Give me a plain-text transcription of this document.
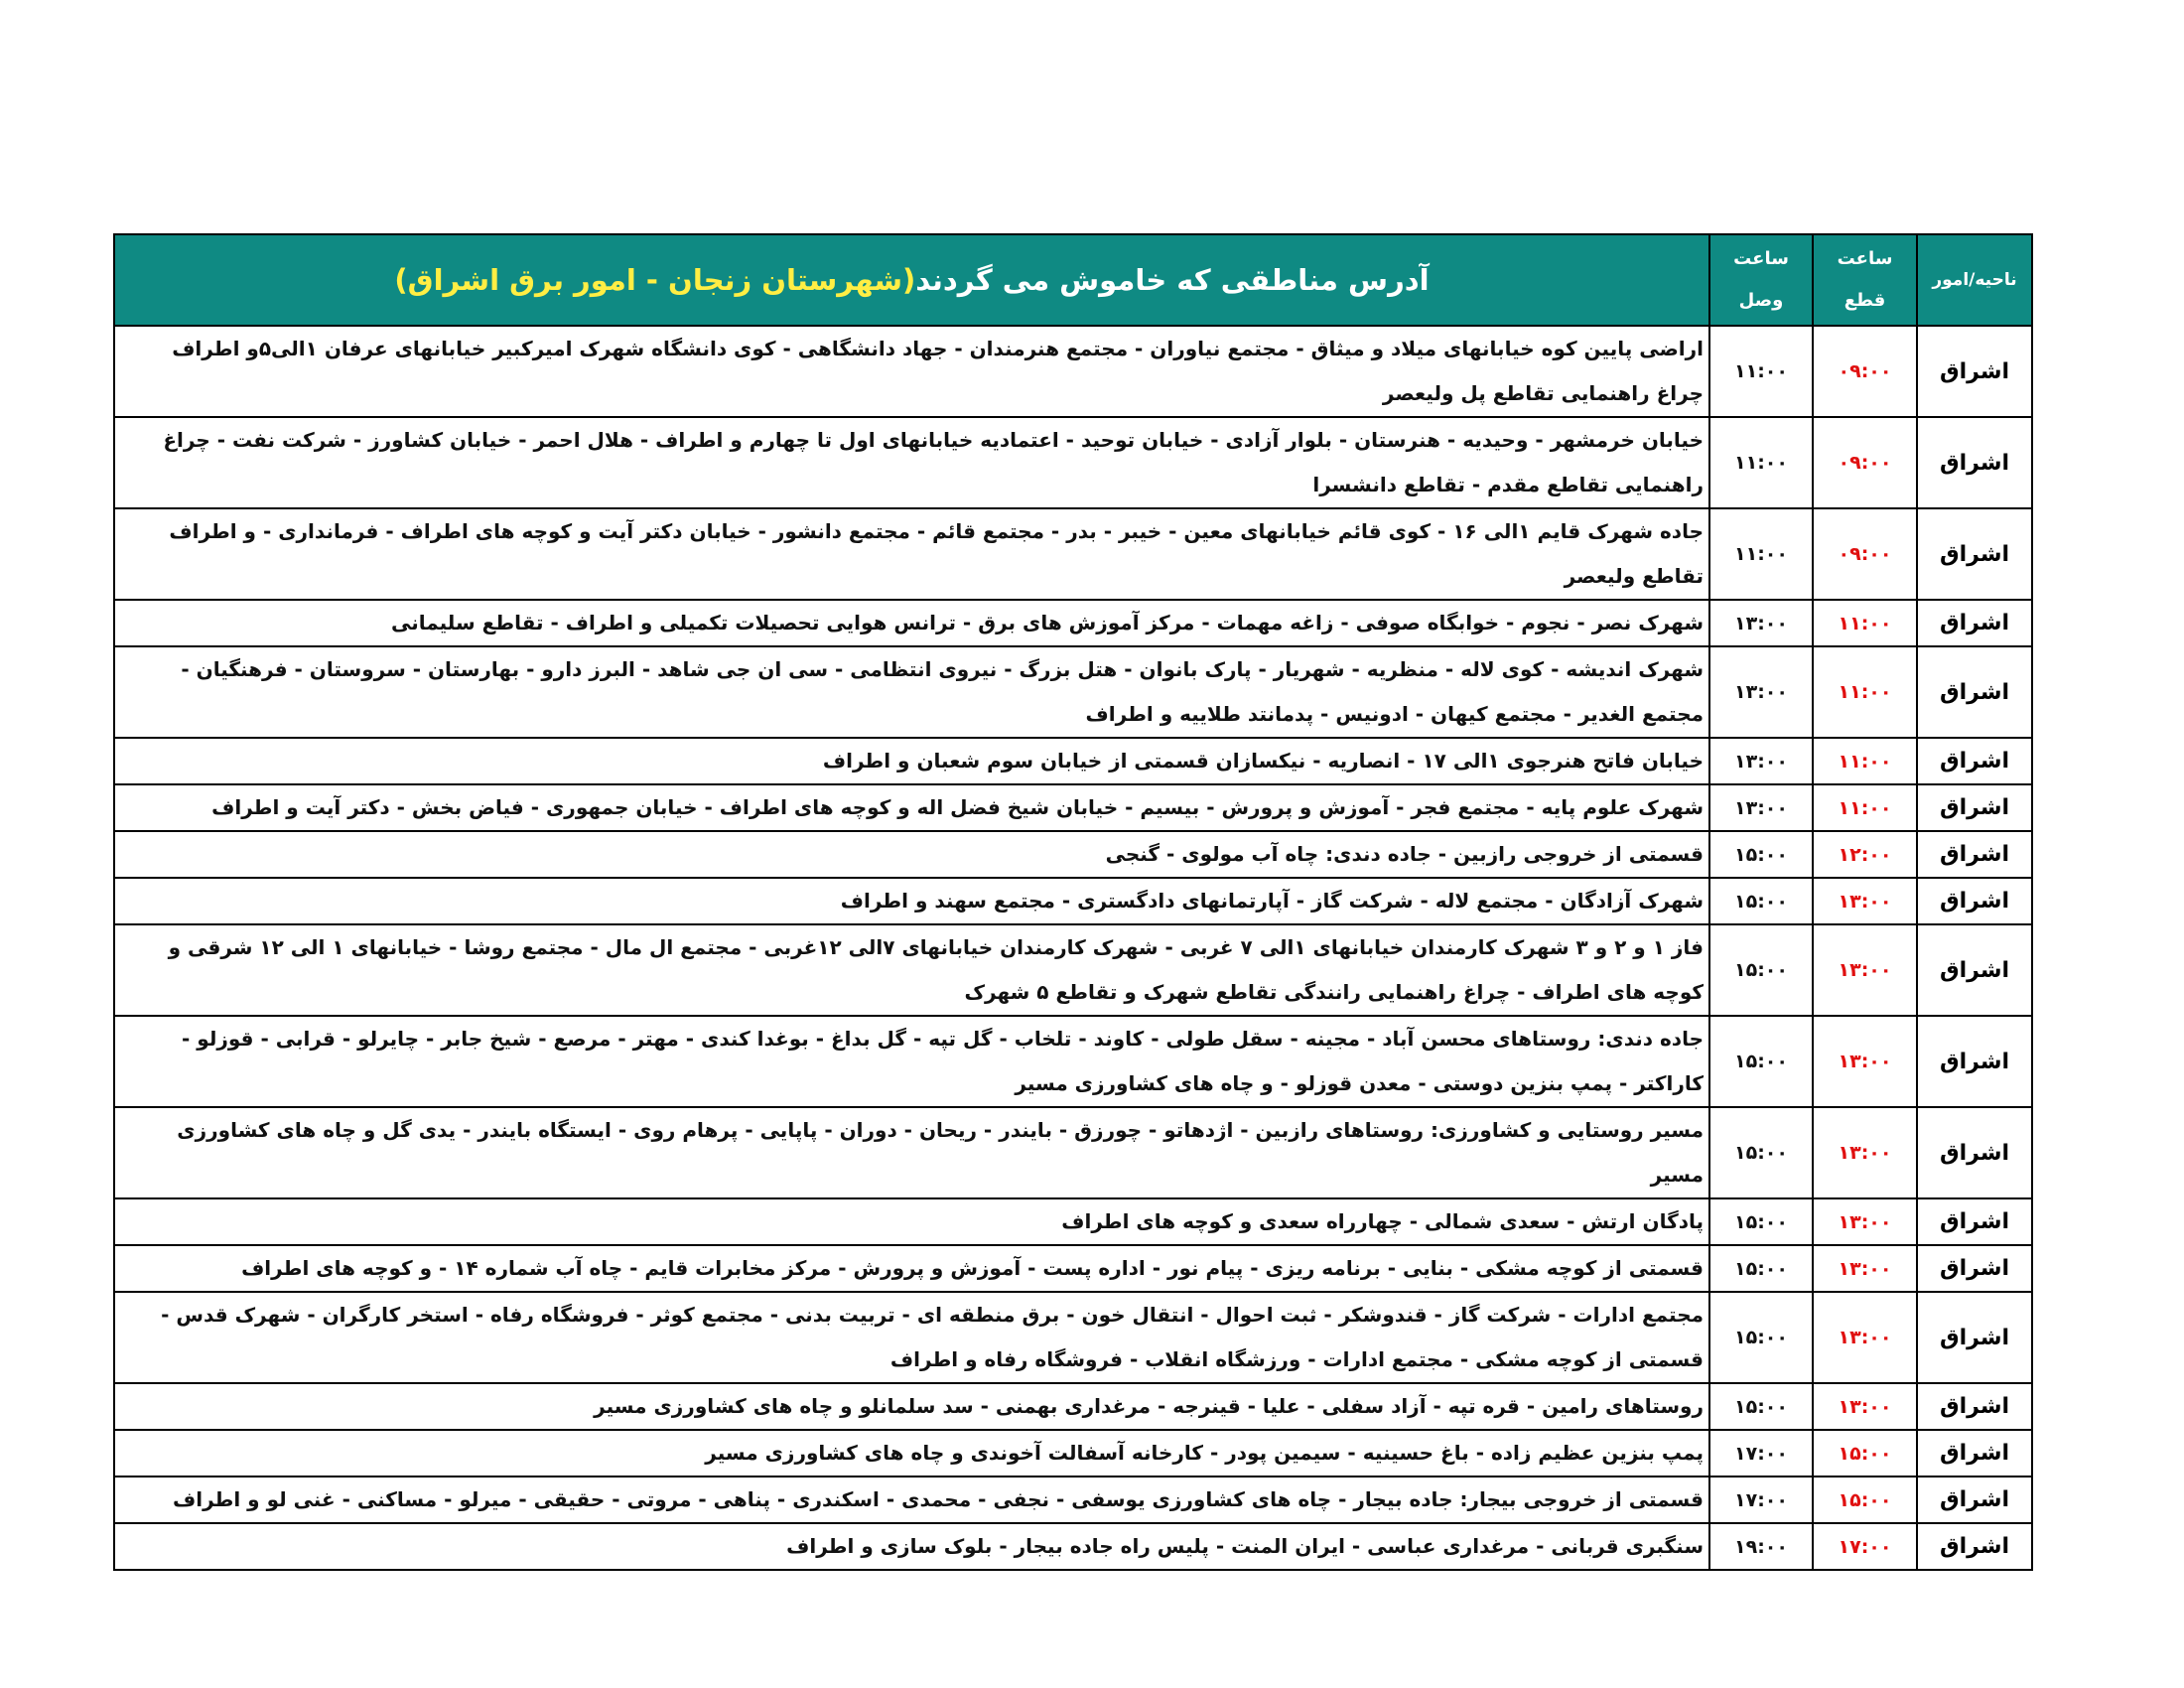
ناحیه/امور	ساعت قطع	ساعت وصل	آدرس مناطقی که خاموش می گردند(شهرستان زنجان - امور برق اشراق)
اشراق	۰۹:۰۰	۱۱:۰۰	اراضی پایین کوه خیابانهای میلاد و میثاق - مجتمع نیاوران - مجتمع هنرمندان - جهاد دانشگاهی - کوی دانشگاه شهرک امیرکبیر خیابانهای عرفان ۱الی۵و اطراف چراغ راهنمایی تقاطع پل ولیعصر
اشراق	۰۹:۰۰	۱۱:۰۰	خیابان خرمشهر - وحیدیه - هنرستان - بلوار آزادی - خیابان توحید - اعتمادیه خیابانهای اول تا چهارم و اطراف - هلال احمر - خیابان کشاورز - شرکت نفت - چراغ راهنمایی تقاطع مقدم - تقاطع دانشسرا
اشراق	۰۹:۰۰	۱۱:۰۰	جاده شهرک قایم ۱الی ۱۶ - کوی قائم خیابانهای معین - خیبر - بدر - مجتمع قائم - مجتمع دانشور - خیابان دکتر آیت و کوچه های اطراف - فرمانداری - و اطراف تقاطع ولیعصر
اشراق	۱۱:۰۰	۱۳:۰۰	شهرک نصر - نجوم - خوابگاه صوفی - زاغه مهمات - مرکز آموزش های برق - ترانس هوایی تحصیلات تکمیلی و اطراف - تقاطع سلیمانی
اشراق	۱۱:۰۰	۱۳:۰۰	شهرک اندیشه - کوی لاله - منظریه - شهریار - پارک بانوان - هتل بزرگ - نیروی انتظامی - سی ان جی شاهد - البرز دارو - بهارستان - سروستان - فرهنگیان - مجتمع الغدیر - مجتمع کیهان - ادونیس - پدمانتد طلاییه و اطراف
اشراق	۱۱:۰۰	۱۳:۰۰	خیابان فاتح هنرجوی ۱الی ۱۷ - انصاریه - نیکسازان قسمتی از خیابان سوم شعبان و اطراف
اشراق	۱۱:۰۰	۱۳:۰۰	شهرک علوم پایه - مجتمع فجر - آموزش و پرورش - بیسیم - خیابان شیخ فضل اله و کوچه های اطراف - خیابان جمهوری - فیاض بخش - دکتر آیت و اطراف
اشراق	۱۲:۰۰	۱۵:۰۰	قسمتی از خروجی رازبین - جاده دندی: چاه آب مولوی - گنجی
اشراق	۱۳:۰۰	۱۵:۰۰	شهرک آزادگان - مجتمع لاله - شرکت گاز - آپارتمانهای دادگستری - مجتمع سهند و اطراف
اشراق	۱۳:۰۰	۱۵:۰۰	فاز ۱ و ۲ و ۳ شهرک کارمندان خیابانهای ۱الی ۷ غربی - شهرک کارمندان خیابانهای ۷الی ۱۲غربی - مجتمع ال مال - مجتمع روشا - خیابانهای ۱ الی ۱۲ شرقی و کوچه های اطراف - چراغ راهنمایی رانندگی تقاطع شهرک و تقاطع ۵ شهرک
اشراق	۱۳:۰۰	۱۵:۰۰	جاده دندی: روستاهای محسن آباد - مجینه - سقل طولی - کاوند - تلخاب - گل تپه - گل بداغ - بوغدا کندی - مهتر - مرصع - شیخ جابر - چایرلو - قرابی - قوزلو - کاراکتر - پمپ بنزین دوستی - معدن قوزلو - و چاه های کشاورزی مسیر
اشراق	۱۳:۰۰	۱۵:۰۰	مسیر روستایی و کشاورزی: روستاهای رازبین - اژدهاتو - چورزق - بایندر - ریحان - دوران - پاپایی - پرهام روی - ایستگاه بایندر - یدی گل و چاه های کشاورزی مسیر
اشراق	۱۳:۰۰	۱۵:۰۰	پادگان ارتش - سعدی شمالی - چهارراه سعدی و کوچه های اطراف
اشراق	۱۳:۰۰	۱۵:۰۰	قسمتی از کوچه مشکی - بنایی - برنامه ریزی - پیام نور - اداره پست - آموزش و پرورش - مرکز مخابرات قایم - چاه آب شماره ۱۴ - و کوچه های اطراف
اشراق	۱۳:۰۰	۱۵:۰۰	مجتمع ادارات - شرکت گاز - قندوشکر - ثبت احوال - انتقال خون - برق منطقه ای - تربیت بدنی - مجتمع کوثر - فروشگاه رفاه - استخر کارگران - شهرک قدس - قسمتی از کوچه مشکی - مجتمع ادارات - ورزشگاه انقلاب - فروشگاه رفاه و اطراف
اشراق	۱۳:۰۰	۱۵:۰۰	روستاهای رامین - قره تپه - آزاد سفلی - علیا - قینرجه - مرغداری بهمنی - سد سلمانلو و چاه های کشاورزی مسیر
اشراق	۱۵:۰۰	۱۷:۰۰	پمپ بنزین عظیم زاده - باغ حسینیه - سیمین پودر - کارخانه آسفالت آخوندی و چاه های کشاورزی مسیر
اشراق	۱۵:۰۰	۱۷:۰۰	قسمتی از خروجی بیجار: جاده بیجار - چاه های کشاورزی یوسفی - نجفی - محمدی - اسکندری - پناهی - مروتی - حقیقی - میرلو - مساکنی - غنی لو و اطراف
اشراق	۱۷:۰۰	۱۹:۰۰	سنگبری قربانی - مرغداری عباسی - ایران المنت - پلیس راه جاده بیجار - بلوک سازی و اطراف
